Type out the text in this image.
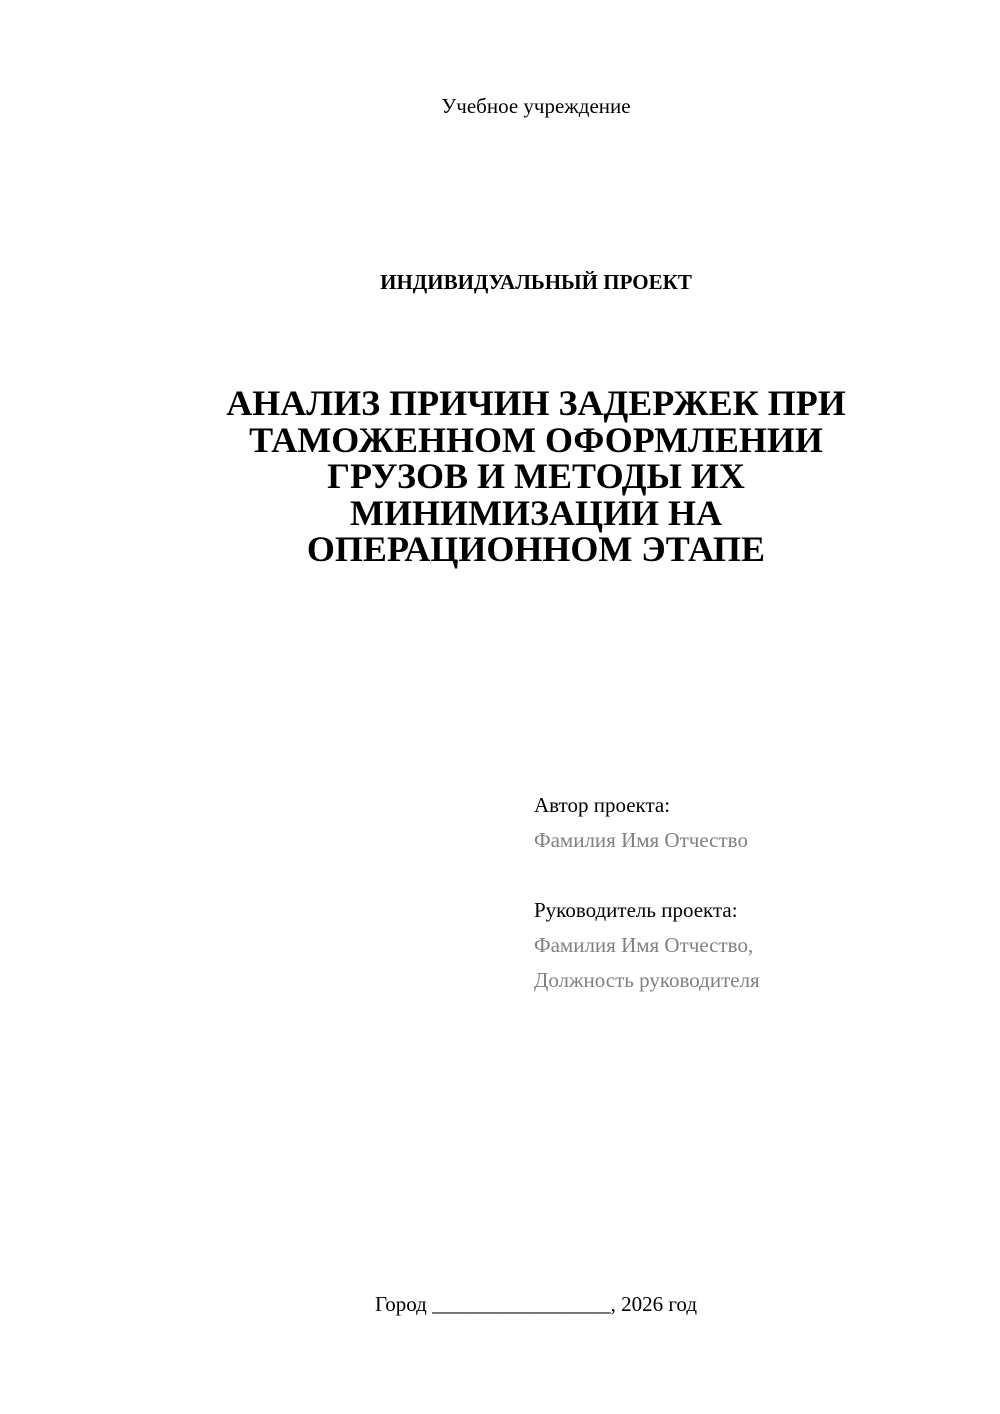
Учебное учреждение
ИНДИВИДУАЛЬНЫЙ ПРОЕКТ
АНАЛИЗ ПРИЧИН ЗАДЕРЖЕК ПРИ
ТАМОЖЕННОМ ОФОРМЛЕНИИ
ГРУЗОВ И МЕТОДЫ ИХ
МИНИМИЗАЦИИ НА
ОПЕРАЦИОННОМ ЭТАПЕ
Автор проекта:
Фамилия Имя Отчество
Руководитель проекта:
Фамилия Имя Отчество,
Должность руководителя
Город _________________, 2026 год
